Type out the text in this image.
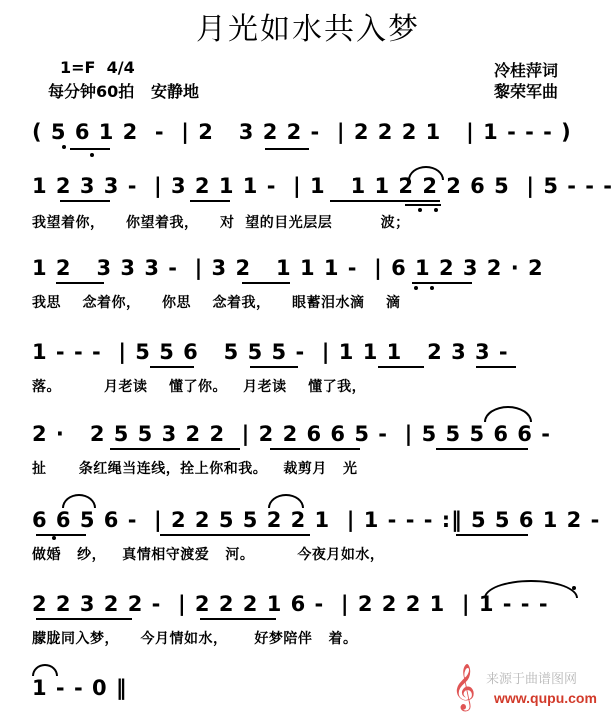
月光如水共入梦
1=F  4/4
每分钟60拍   安静地
冷桂萍词
黎荣军曲
( 5 6 1 2  -  | 2   3 2 2 -  | 2 2 2 1   | 1 - - - )
1 2 3 3 -  | 3 2 1 1 -  | 1   1 1 2 2 2 6 5  | 5 - - -
我望着你，    你望着我，    对  望的目光层层         波；
1 2   3 3 3 -  | 3 2   1 1 1 -  | 6 1 2 3 2 · 2
我思    念着你，    你思    念着我，    眼蓄泪水滴    滴
1 - - -  | 5 5 6   5 5 5 -  | 1 1 1   2 3 3 -
落。        月老读    懂了你。   月老读    懂了我，
2 ·   2 5 5 3 2 2  | 2 2 6 6 5 -  | 5 5 5 6 6 -
扯      条红绳当连线，拴上你和我。   裁剪月   光
6 6 5 6 -  | 2 2 5 5 2 2 1  | 1 - - - :‖ 5 5 6 1 2 -
做婚   纱，   真情相守渡爱   河。        今夜月如水，
2 2 3 2 2 -  | 2 2 2 1 6 -  | 2 2 2 1  | 1 - - -
朦胧同入梦，    今月情如水，     好梦陪伴   着。
1 - - 0 ‖	𝄞 来源于曲谱图网
www.qupu.com
